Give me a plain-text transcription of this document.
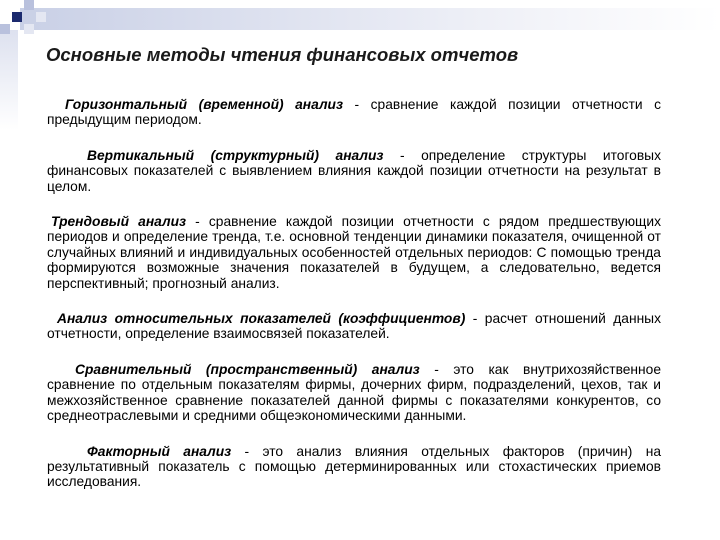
Основные методы чтения финансовых отчетов

Горизонтальный (временной) анализ - сравнение каждой позиции отчетности с предыдущим периодом.

Вертикальный (структурный) анализ - определение структуры итоговых финансовых показателей с выявлением влияния каждой позиции отчетности на результат в целом.

Трендовый анализ - сравнение каждой позиции отчетности с рядом предшествующих периодов и определение тренда, т.е. основной тенденции динамики показателя, очищенной от случайных влияний и индивидуальных особенностей отдельных периодов: С помощью тренда формируются возможные значения показателей в будущем, а следовательно, ведется перспективный; прогнозный анализ.

Анализ относительных показателей (коэффициентов) - расчет отношений данных отчетности, определение взаимосвязей показателей.

Сравнительный (пространственный) анализ - это как внутрихозяйственное сравнение по отдельным показателям фирмы, дочерних фирм, подразделений, цехов, так и межхозяйственное сравнение показателей данной фирмы с показателями конкурентов, со среднеотраслевыми и средними общеэкономическими данными.

Факторный анализ - это анализ влияния отдельных факторов (причин) на результативный показатель с помощью детерминированных или стохастических приемов исследования.
